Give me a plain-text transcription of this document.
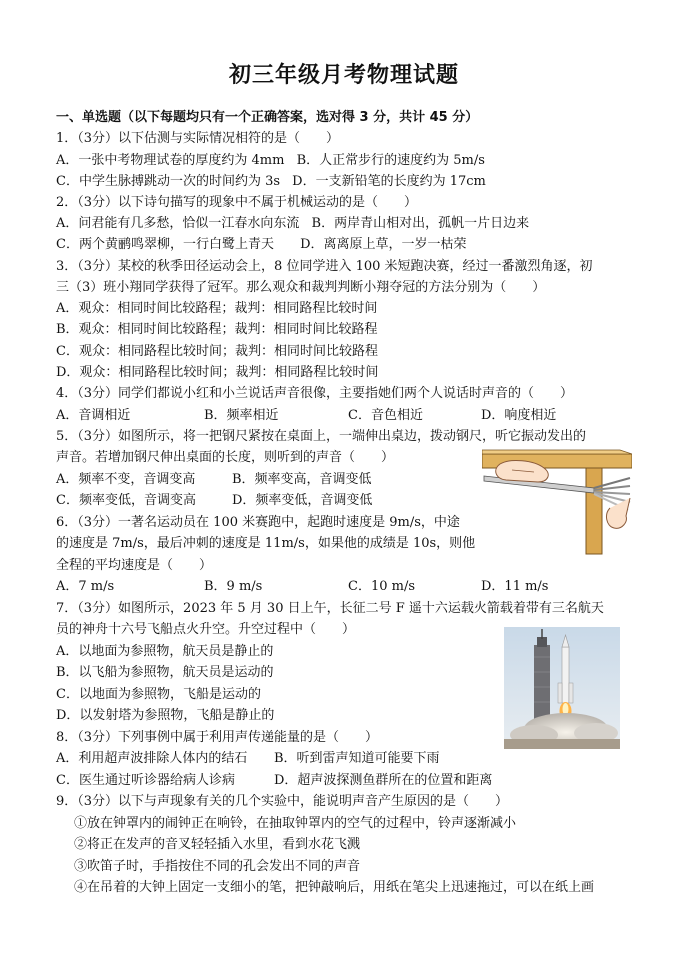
初三年级月考物理试题
一、单选题（以下每题均只有一个正确答案，选对得 3 分，共计 45 分）
1．（3分）以下估测与实际情况相符的是（　　）
A．一张中考物理试卷的厚度约为 4mm B．人正常步行的速度约为 5m/s
C．中学生脉搏跳动一次的时间约为 3s D．一支新铅笔的长度约为 17cm
2．（3分）以下诗句描写的现象中不属于机械运动的是（　　）
A．问君能有几多愁，恰似一江春水向东流 B．两岸青山相对出，孤帆一片日边来
C．两个黄鹂鸣翠柳，一行白鹭上青天 D．离离原上草，一岁一枯荣
3．（3分）某校的秋季田径运动会上，8 位同学进入 100 米短跑决赛，经过一番激烈角逐，初
三（3）班小翔同学获得了冠军。那么观众和裁判判断小翔夺冠的方法分别为（　　）
A．观众：相同时间比较路程；裁判：相同路程比较时间
B．观众：相同时间比较路程；裁判：相同时间比较路程
C．观众：相同路程比较时间；裁判：相同时间比较路程
D．观众：相同路程比较时间；裁判：相同路程比较时间
4．（3分）同学们都说小红和小兰说话声音很像，主要指她们两个人说话时声音的（　　）
A．音调相近	B．频率相近	C．音色相近	D．响度相近
5．（3分）如图所示，将一把钢尺紧按在桌面上，一端伸出桌边，拨动钢尺，听它振动发出的
声音。若增加钢尺伸出桌面的长度，则听到的声音（　　）
A．频率不变，音调变高	B．频率变高，音调变低
C．频率变低，音调变高	D．频率变低，音调变低
6．（3分）一著名运动员在 100 米赛跑中，起跑时速度是 9m/s，中途
的速度是 7m/s，最后冲刺的速度是 11m/s，如果他的成绩是 10s，则他
全程的平均速度是（　　）
A．7 m/s	B．9 m/s	C．10 m/s	D．11 m/s
7．（3分）如图所示，2023 年 5 月 30 日上午，长征二号 F 遥十六运载火箭载着带有三名航天
员的神舟十六号飞船点火升空。升空过程中（　　）
A．以地面为参照物，航天员是静止的
B．以飞船为参照物，航天员是运动的
C．以地面为参照物，飞船是运动的
D．以发射塔为参照物，飞船是静止的
8．（3分）下列事例中属于利用声传递能量的是（　　）
A．利用超声波排除人体内的结石 B．听到雷声知道可能要下雨
C．医生通过听诊器给病人诊病	D．超声波探测鱼群所在的位置和距离
9．（3分）以下与声现象有关的几个实验中，能说明声音产生原因的是（　　）
①放在钟罩内的闹钟正在响铃，在抽取钟罩内的空气的过程中，铃声逐渐减小
②将正在发声的音叉轻轻插入水里，看到水花飞溅
③吹笛子时，手指按住不同的孔会发出不同的声音
④在吊着的大钟上固定一支细小的笔，把钟敲响后，用纸在笔尖上迅速拖过，可以在纸上画
